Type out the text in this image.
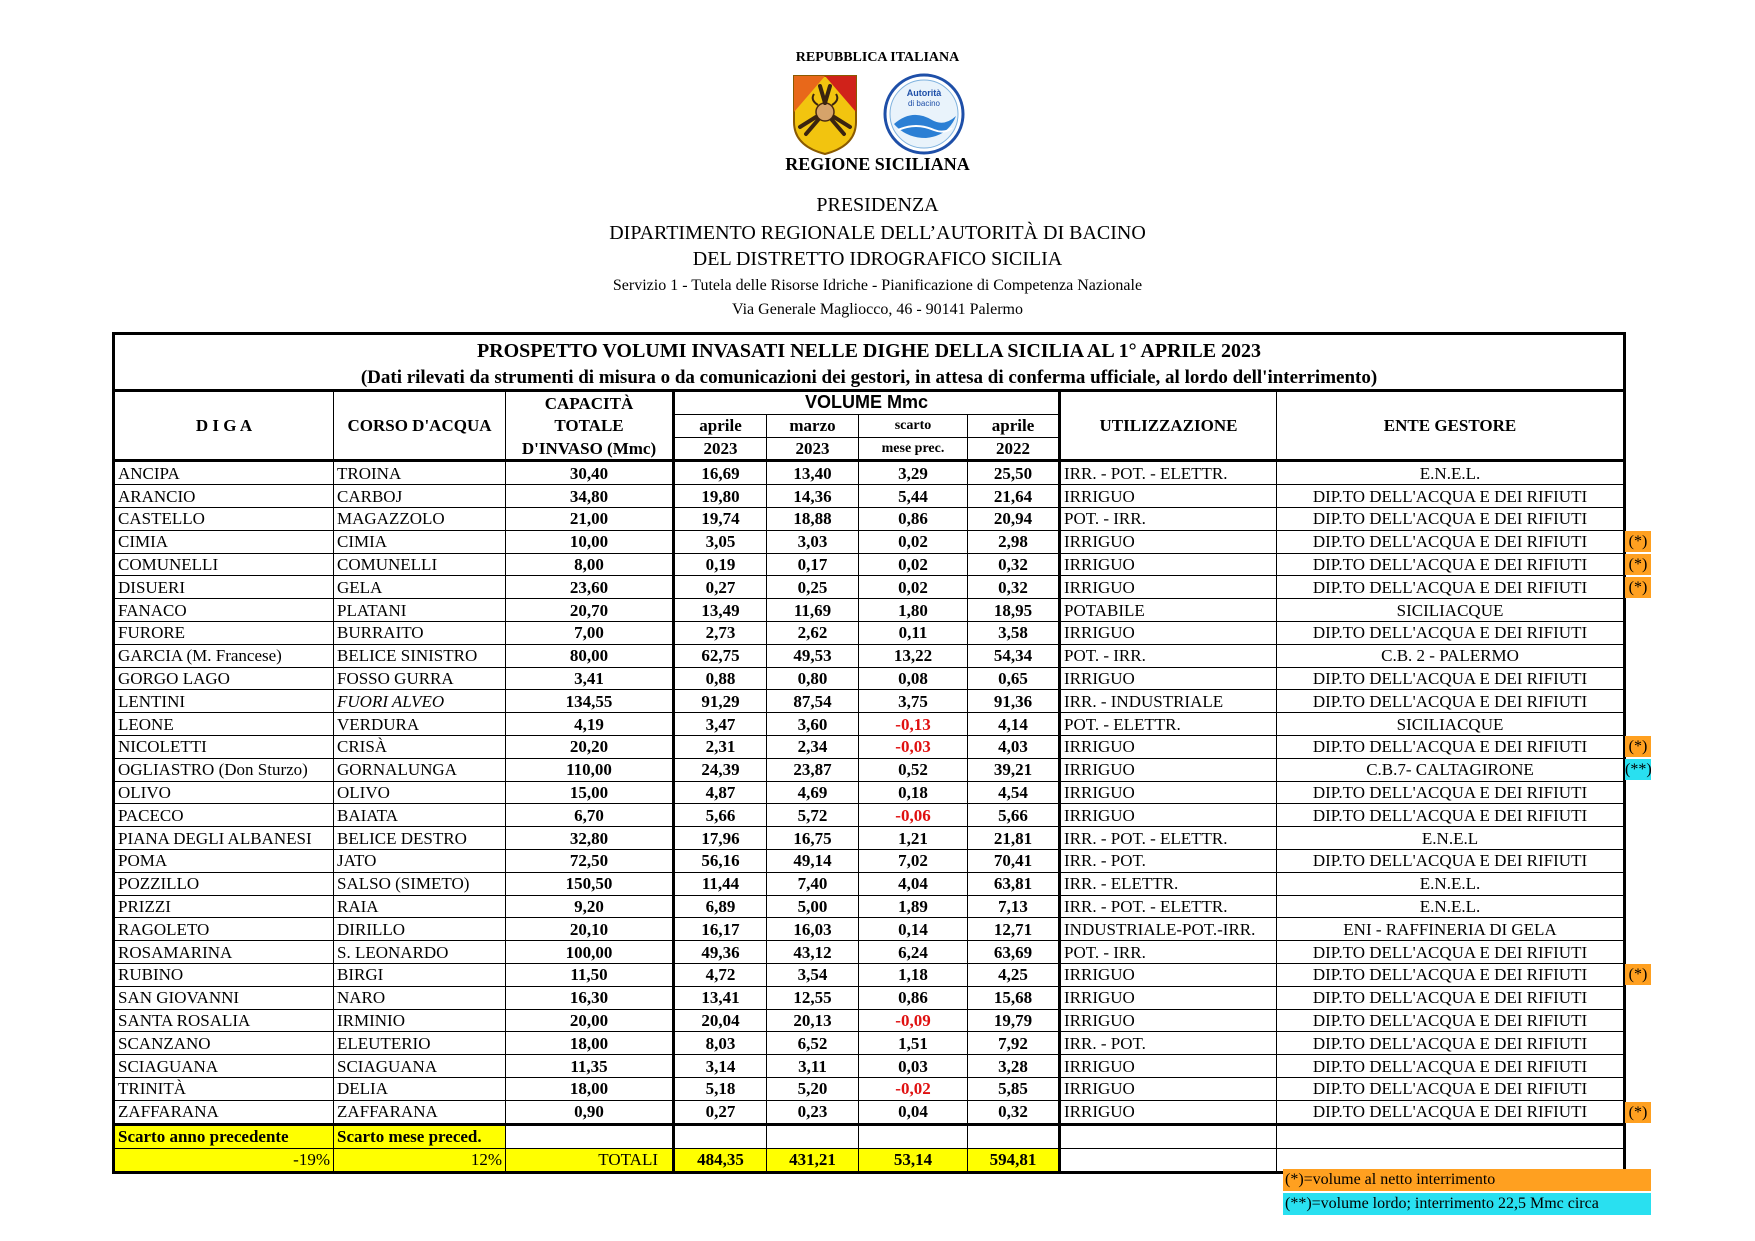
REPUBBLICA ITALIANA
Autorità
di bacino
REGIONE SICILIANA
PRESIDENZA
DIPARTIMENTO REGIONALE DELL’AUTORITÀ DI BACINO
DEL DISTRETTO IDROGRAFICO SICILIA
Servizio 1 - Tutela delle Risorse Idriche - Pianificazione di Competenza Nazionale
Via Generale Magliocco, 46 - 90141 Palermo
PROSPETTO VOLUMI INVASATI NELLE DIGHE DELLA SICILIA AL 1° APRILE 2023								
(Dati rilevati da strumenti di misura o da comunicazioni dei gestori, in attesa di conferma ufficiale, al lordo dell'interrimento)								
D I G A	CORSO D'ACQUA	CAPACITÀ	VOLUME Mmc				UTILIZZAZIONE	ENTE GESTORE
		TOTALE	aprile	marzo	scarto	aprile		
		D'INVASO (Mmc)	2023	2023	mese prec.	2022		
ANCIPA	TROINA	30,40	16,69	13,40	3,29	25,50	IRR. - POT. - ELETTR.	E.N.E.L.
ARANCIO	CARBOJ	34,80	19,80	14,36	5,44	21,64	IRRIGUO	DIP.TO DELL'ACQUA E DEI RIFIUTI
CASTELLO	MAGAZZOLO	21,00	19,74	18,88	0,86	20,94	POT. - IRR.	DIP.TO DELL'ACQUA E DEI RIFIUTI
CIMIA	CIMIA	10,00	3,05	3,03	0,02	2,98	IRRIGUO	DIP.TO DELL'ACQUA E DEI RIFIUTI
COMUNELLI	COMUNELLI	8,00	0,19	0,17	0,02	0,32	IRRIGUO	DIP.TO DELL'ACQUA E DEI RIFIUTI
DISUERI	GELA	23,60	0,27	0,25	0,02	0,32	IRRIGUO	DIP.TO DELL'ACQUA E DEI RIFIUTI
FANACO	PLATANI	20,70	13,49	11,69	1,80	18,95	POTABILE	SICILIACQUE
FURORE	BURRAITO	7,00	2,73	2,62	0,11	3,58	IRRIGUO	DIP.TO DELL'ACQUA E DEI RIFIUTI
GARCIA (M. Francese)	BELICE SINISTRO	80,00	62,75	49,53	13,22	54,34	POT. - IRR.	C.B. 2 - PALERMO
GORGO LAGO	FOSSO GURRA	3,41	0,88	0,80	0,08	0,65	IRRIGUO	DIP.TO DELL'ACQUA E DEI RIFIUTI
LENTINI	FUORI ALVEO	134,55	91,29	87,54	3,75	91,36	IRR. - INDUSTRIALE	DIP.TO DELL'ACQUA E DEI RIFIUTI
LEONE	VERDURA	4,19	3,47	3,60	-0,13	4,14	POT. - ELETTR.	SICILIACQUE
NICOLETTI	CRISÀ	20,20	2,31	2,34	-0,03	4,03	IRRIGUO	DIP.TO DELL'ACQUA E DEI RIFIUTI
OGLIASTRO (Don Sturzo)	GORNALUNGA	110,00	24,39	23,87	0,52	39,21	IRRIGUO	C.B.7- CALTAGIRONE
OLIVO	OLIVO	15,00	4,87	4,69	0,18	4,54	IRRIGUO	DIP.TO DELL'ACQUA E DEI RIFIUTI
PACECO	BAIATA	6,70	5,66	5,72	-0,06	5,66	IRRIGUO	DIP.TO DELL'ACQUA E DEI RIFIUTI
PIANA DEGLI ALBANESI	BELICE DESTRO	32,80	17,96	16,75	1,21	21,81	IRR. - POT. - ELETTR.	E.N.E.L
POMA	JATO	72,50	56,16	49,14	7,02	70,41	IRR. - POT.	DIP.TO DELL'ACQUA E DEI RIFIUTI
POZZILLO	SALSO (SIMETO)	150,50	11,44	7,40	4,04	63,81	IRR. - ELETTR.	E.N.E.L.
PRIZZI	RAIA	9,20	6,89	5,00	1,89	7,13	IRR. - POT. - ELETTR.	E.N.E.L.
RAGOLETO	DIRILLO	20,10	16,17	16,03	0,14	12,71	INDUSTRIALE-POT.-IRR.	ENI - RAFFINERIA DI GELA
ROSAMARINA	S. LEONARDO	100,00	49,36	43,12	6,24	63,69	POT. - IRR.	DIP.TO DELL'ACQUA E DEI RIFIUTI
RUBINO	BIRGI	11,50	4,72	3,54	1,18	4,25	IRRIGUO	DIP.TO DELL'ACQUA E DEI RIFIUTI
SAN GIOVANNI	NARO	16,30	13,41	12,55	0,86	15,68	IRRIGUO	DIP.TO DELL'ACQUA E DEI RIFIUTI
SANTA ROSALIA	IRMINIO	20,00	20,04	20,13	-0,09	19,79	IRRIGUO	DIP.TO DELL'ACQUA E DEI RIFIUTI
SCANZANO	ELEUTERIO	18,00	8,03	6,52	1,51	7,92	IRR. - POT.	DIP.TO DELL'ACQUA E DEI RIFIUTI
SCIAGUANA	SCIAGUANA	11,35	3,14	3,11	0,03	3,28	IRRIGUO	DIP.TO DELL'ACQUA E DEI RIFIUTI
TRINITÀ	DELIA	18,00	5,18	5,20	-0,02	5,85	IRRIGUO	DIP.TO DELL'ACQUA E DEI RIFIUTI
ZAFFARANA	ZAFFARANA	0,90	0,27	0,23	0,04	0,32	IRRIGUO	DIP.TO DELL'ACQUA E DEI RIFIUTI
Scarto anno precedente	Scarto mese preced.							
-19%	12%	TOTALI	484,35	431,21	53,14	594,81		
(*)
(*)
(*)
(*)
(**)
(*)
(*)
(*)=volume al netto interrimento
(**)=volume lordo; interrimento 22,5 Mmc circa
